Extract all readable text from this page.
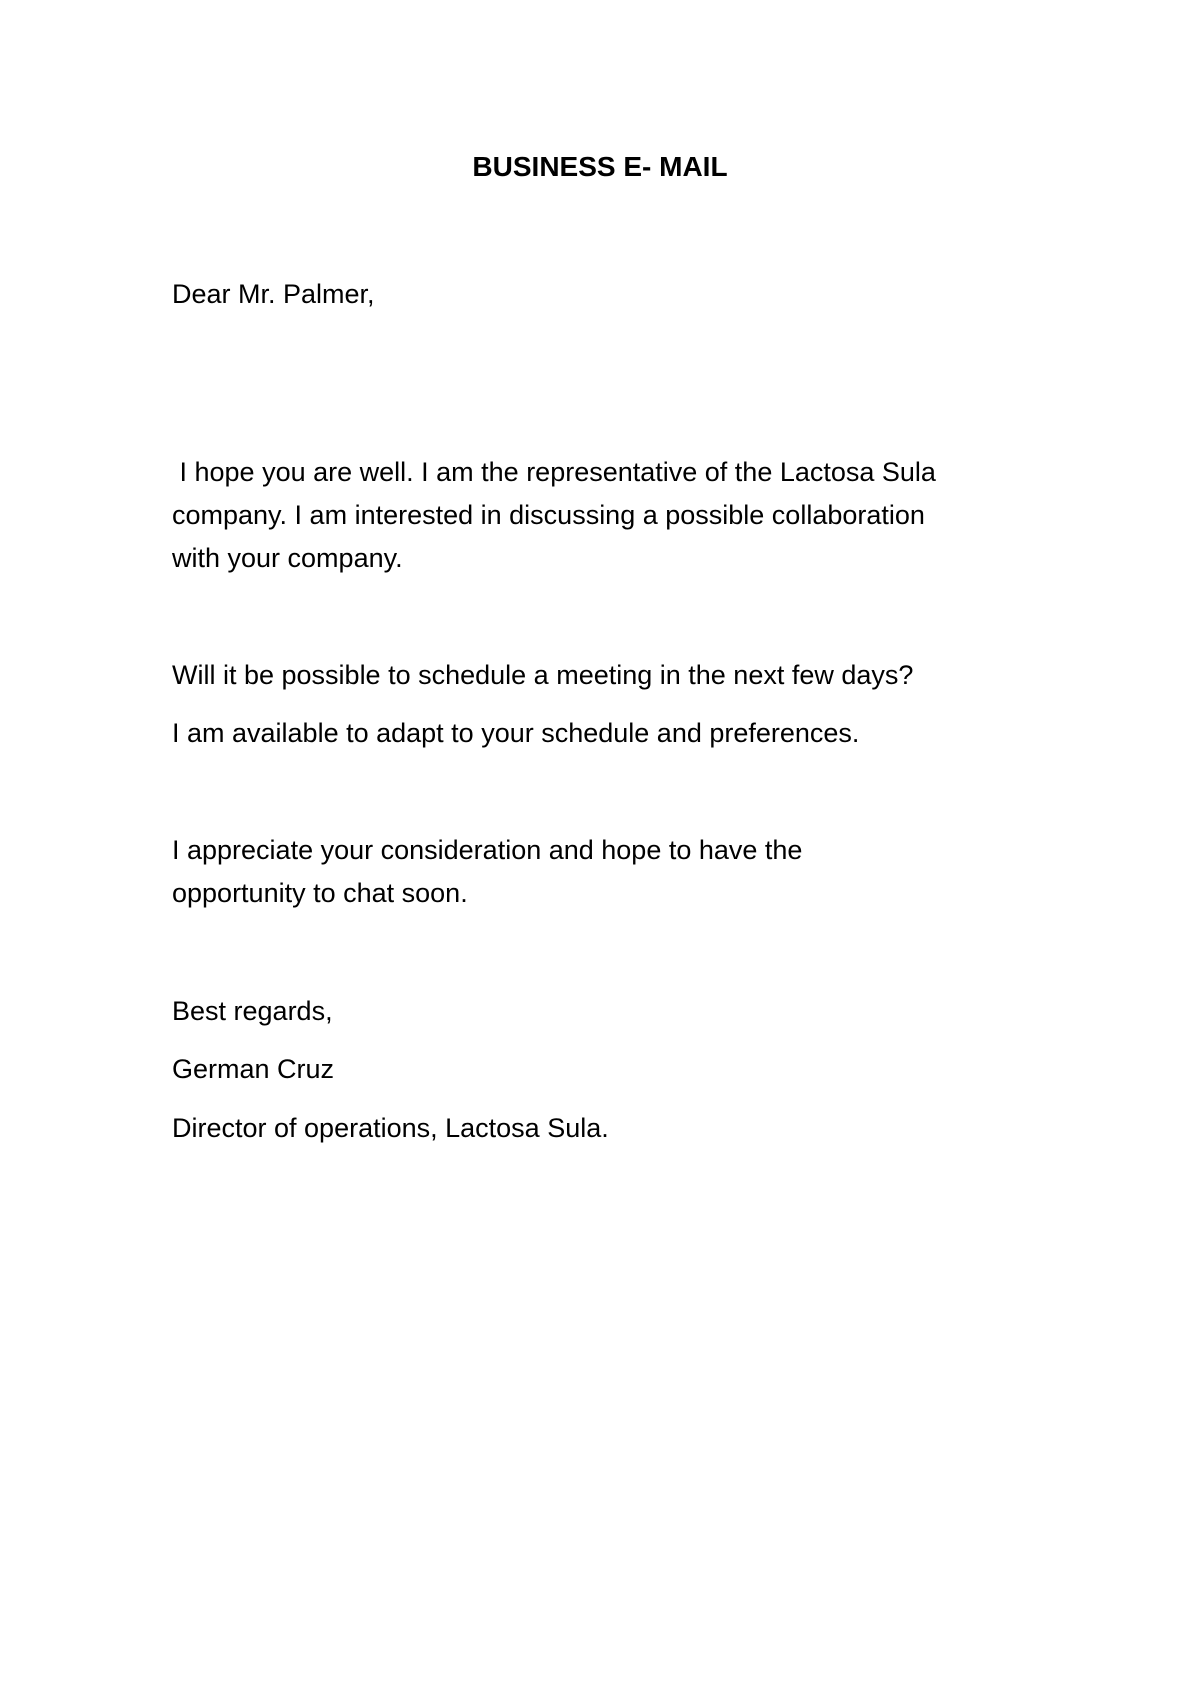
BUSINESS E- MAIL

Dear Mr. Palmer,

I hope you are well. I am the representative of the Lactosa Sula

company. I am interested in discussing a possible collaboration

with your company.

Will it be possible to schedule a meeting in the next few days?

I am available to adapt to your schedule and preferences.

I appreciate your consideration and hope to have the

opportunity to chat soon.

Best regards,

German Cruz

Director of operations, Lactosa Sula.
